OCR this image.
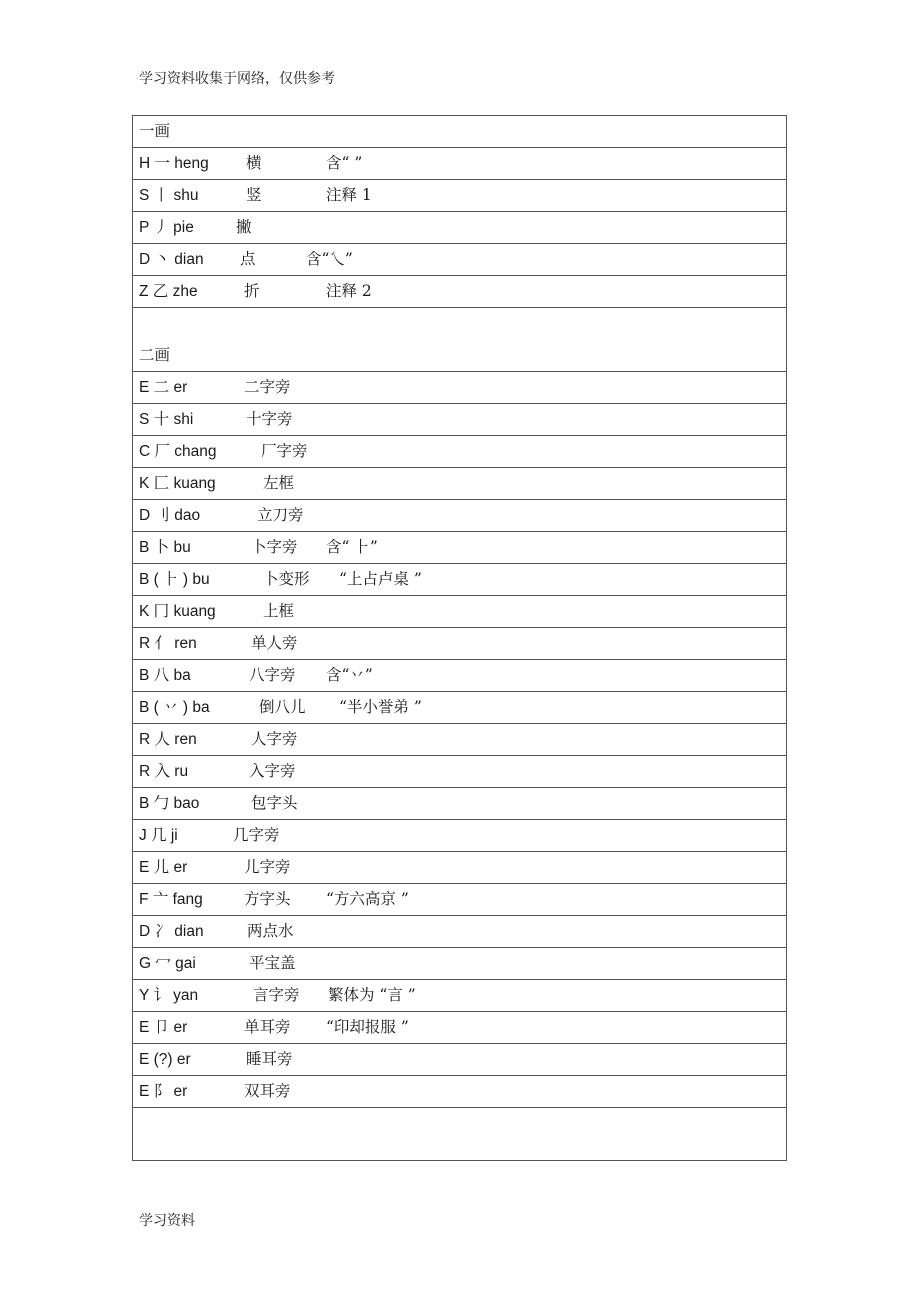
学习资料收集于网络，仅供参考
一画
H 一 heng 横	含“ ”
S 丨 shu	竖	注释 1
P 丿 pie	撇
D 丶 dian 点	含“乀”
Z 乙 zhe	折	注释 2
二画
E 二 er	二字旁
S 十 shi	十字旁
C 厂 chang	厂字旁
K 匚 kuang	左框
D 刂 dao	立刀旁
B 卜 bu	卜字旁 含“ ⺊”
B ( ⺊ ) bu	卜变形 “上占卢桌 ”
K 冂 kuang	上框
R 亻 ren	单人旁
B 八 ba	八字旁 含“丷”
B ( 丷 ) ba	倒八儿 “半小誉弟 ”
R 人 ren	人字旁
R 入 ru	入字旁
B 勹 bao	包字头
J 几 ji	几字旁
E 儿 er	儿字旁
F 亠 fang	方字头 “方六高京 ”
D 冫 dian	两点水
G 冖 gai	平宝盖
Y 讠 yan	言字旁 繁体为 “言 ”
E 卩 er	单耳旁 “印却报服 ”
E (?) er	睡耳旁
E 阝 er	双耳旁
学习资料
